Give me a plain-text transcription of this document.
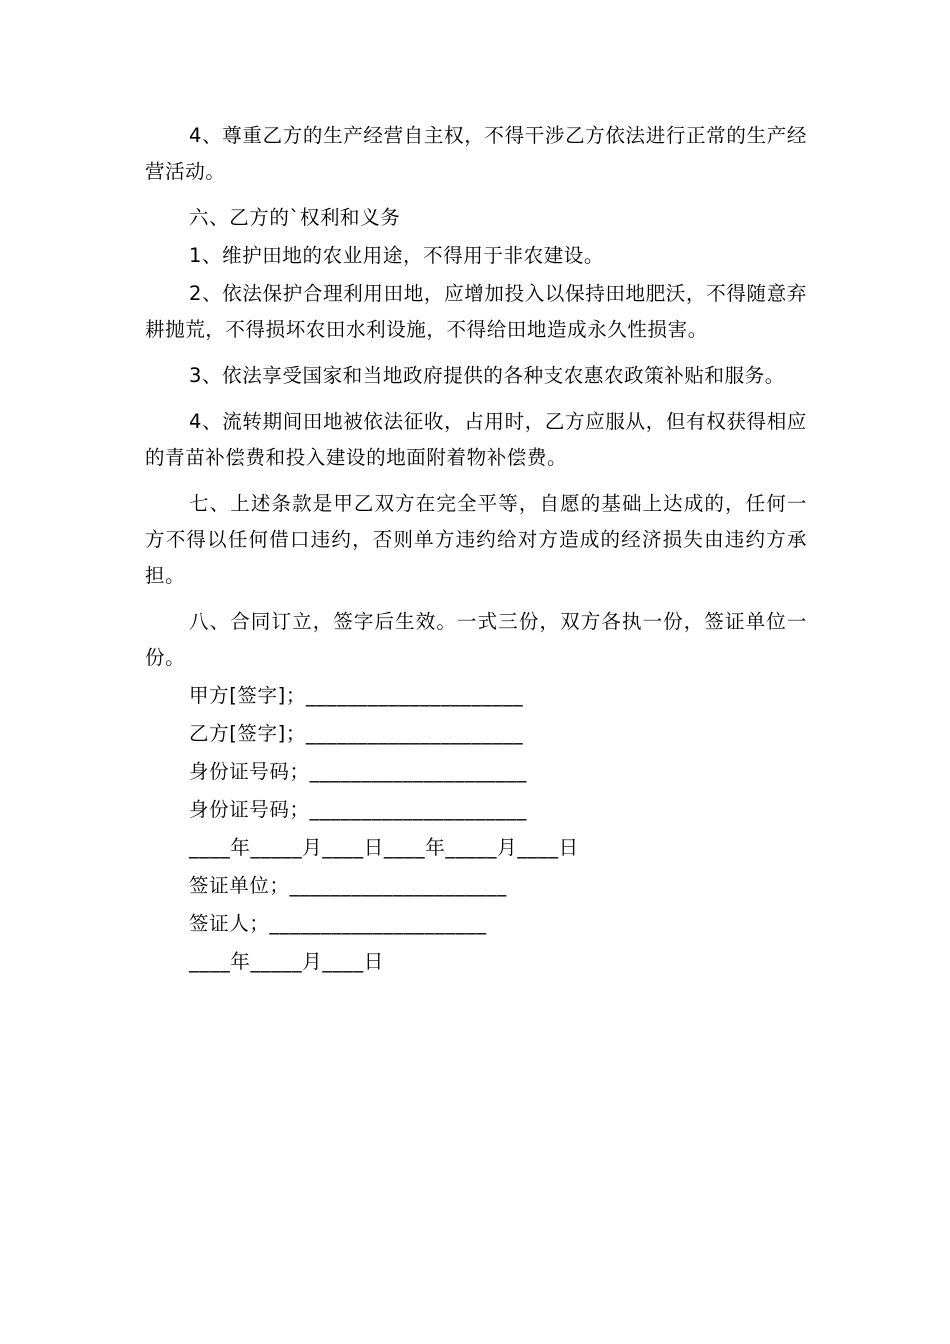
4、尊重乙方的生产经营自主权，不得干涉乙方依法进行正常的生产经营活动。

六、乙方的`权利和义务

1、维护田地的农业用途，不得用于非农建设。

2、依法保护合理利用田地，应增加投入以保持田地肥沃，不得随意弃耕抛荒，不得损坏农田水利设施，不得给田地造成永久性损害。

3、依法享受国家和当地政府提供的各种支农惠农政策补贴和服务。

4、流转期间田地被依法征收，占用时，乙方应服从，但有权获得相应的青苗补偿费和投入建设的地面附着物补偿费。

七、上述条款是甲乙双方在完全平等，自愿的基础上达成的，任何一方不得以任何借口违约，否则单方违约给对方造成的经济损失由违约方承担。

八、合同订立，签字后生效。一式三份，双方各执一份，签证单位一份。

甲方[签字]；_____________________
乙方[签字]；_____________________
身份证号码；_____________________
身份证号码；_____________________
____年_____月____日____年_____月____日
签证单位；_____________________
签证人；_____________________
____年_____月____日
